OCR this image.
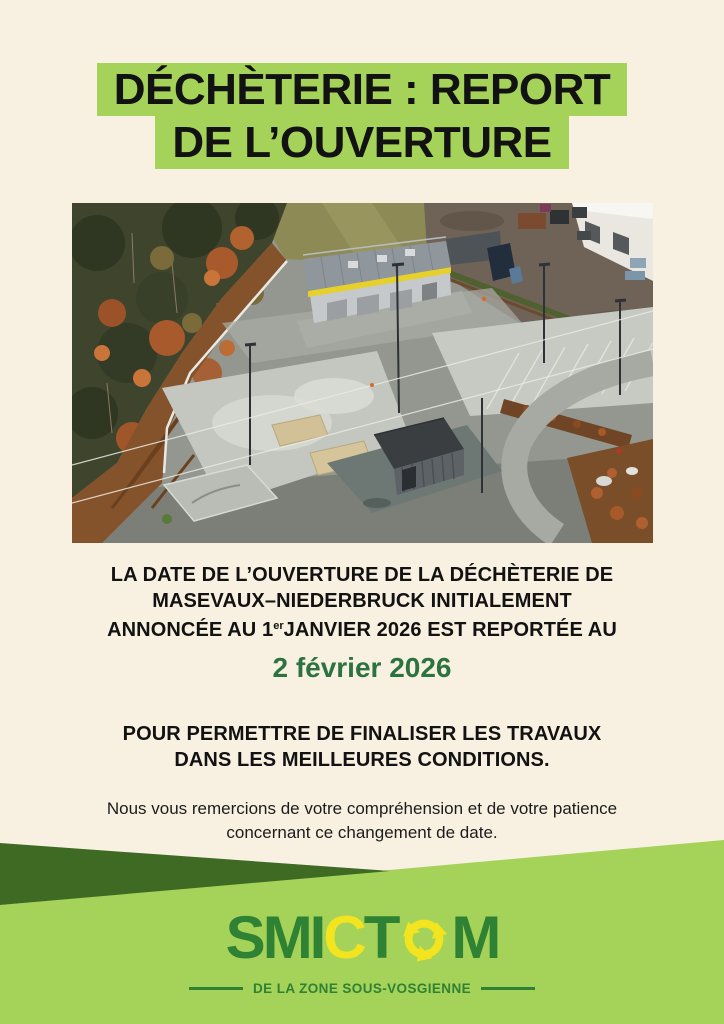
DÉCHÈTERIE : REPORT
DE L’OUVERTURE

LA DATE DE L’OUVERTURE DE LA DÉCHÈTERIE DE
MASEVAUX–NIEDERBRUCK INITIALEMENT
ANNONCÉE AU 1erJANVIER 2026 EST REPORTÉE AU

2 février 2026

POUR PERMETTRE DE FINALISER LES TRAVAUX
DANS LES MEILLEURES CONDITIONS.

Nous vous remercions de votre compréhension et de votre patience
concernant ce changement de date.

SMICT M
DE LA ZONE SOUS-VOSGIENNE
